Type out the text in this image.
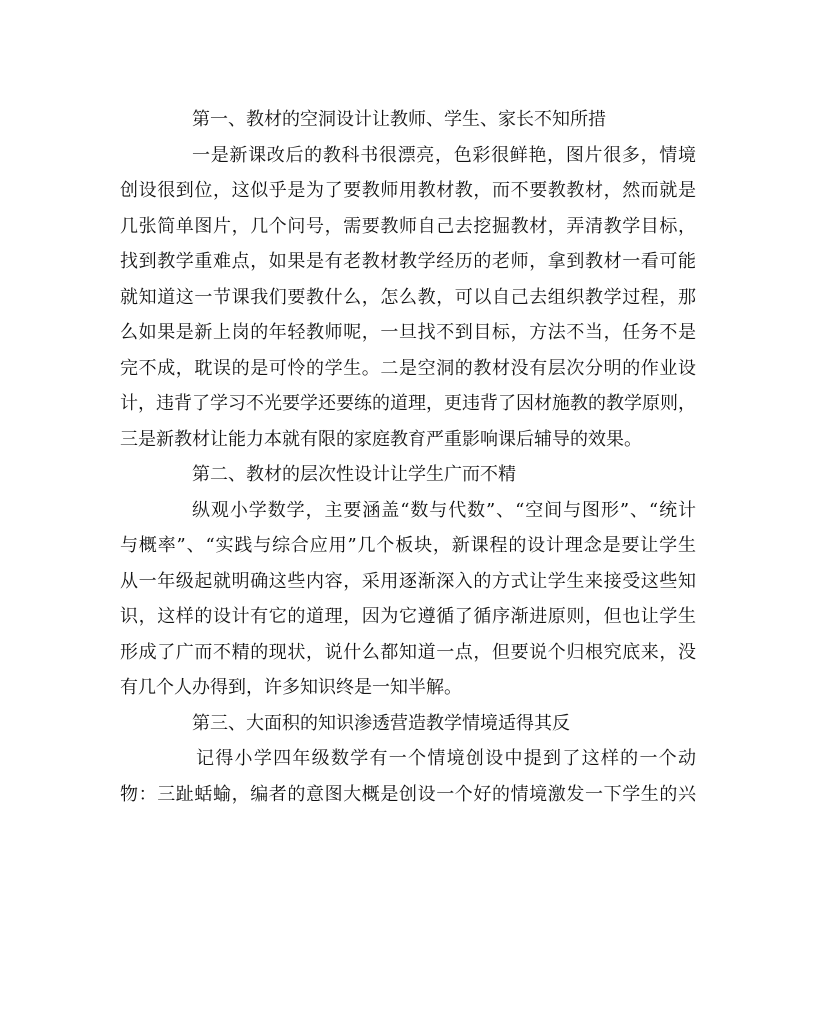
第一、教材的空洞设计让教师、学生、家长不知所措
一是新课改后的教科书很漂亮，色彩很鲜艳，图片很多，情境
创设很到位，这似乎是为了要教师用教材教，而不要教教材，然而就是
几张简单图片，几个问号，需要教师自己去挖掘教材，弄清教学目标，
找到教学重难点，如果是有老教材教学经历的老师，拿到教材一看可能
就知道这一节课我们要教什么，怎么教，可以自己去组织教学过程，那
么如果是新上岗的年轻教师呢，一旦找不到目标，方法不当，任务不是
完不成，耽误的是可怜的学生。二是空洞的教材没有层次分明的作业设
计，违背了学习不光要学还要练的道理，更违背了因材施教的教学原则，
三是新教材让能力本就有限的家庭教育严重影响课后辅导的效果。
第二、教材的层次性设计让学生广而不精
纵观小学数学，主要涵盖“数与代数”、“空间与图形”、“统计
与概率”、“实践与综合应用”几个板块，新课程的设计理念是要让学生
从一年级起就明确这些内容，采用逐渐深入的方式让学生来接受这些知
识，这样的设计有它的道理，因为它遵循了循序渐进原则，但也让学生
形成了广而不精的现状，说什么都知道一点，但要说个归根究底来，没
有几个人办得到，许多知识终是一知半解。
第三、大面积的知识渗透营造教学情境适得其反
记得小学四年级数学有一个情境创设中提到了这样的一个动
物：三趾蛞蝓，编者的意图大概是创设一个好的情境激发一下学生的兴
